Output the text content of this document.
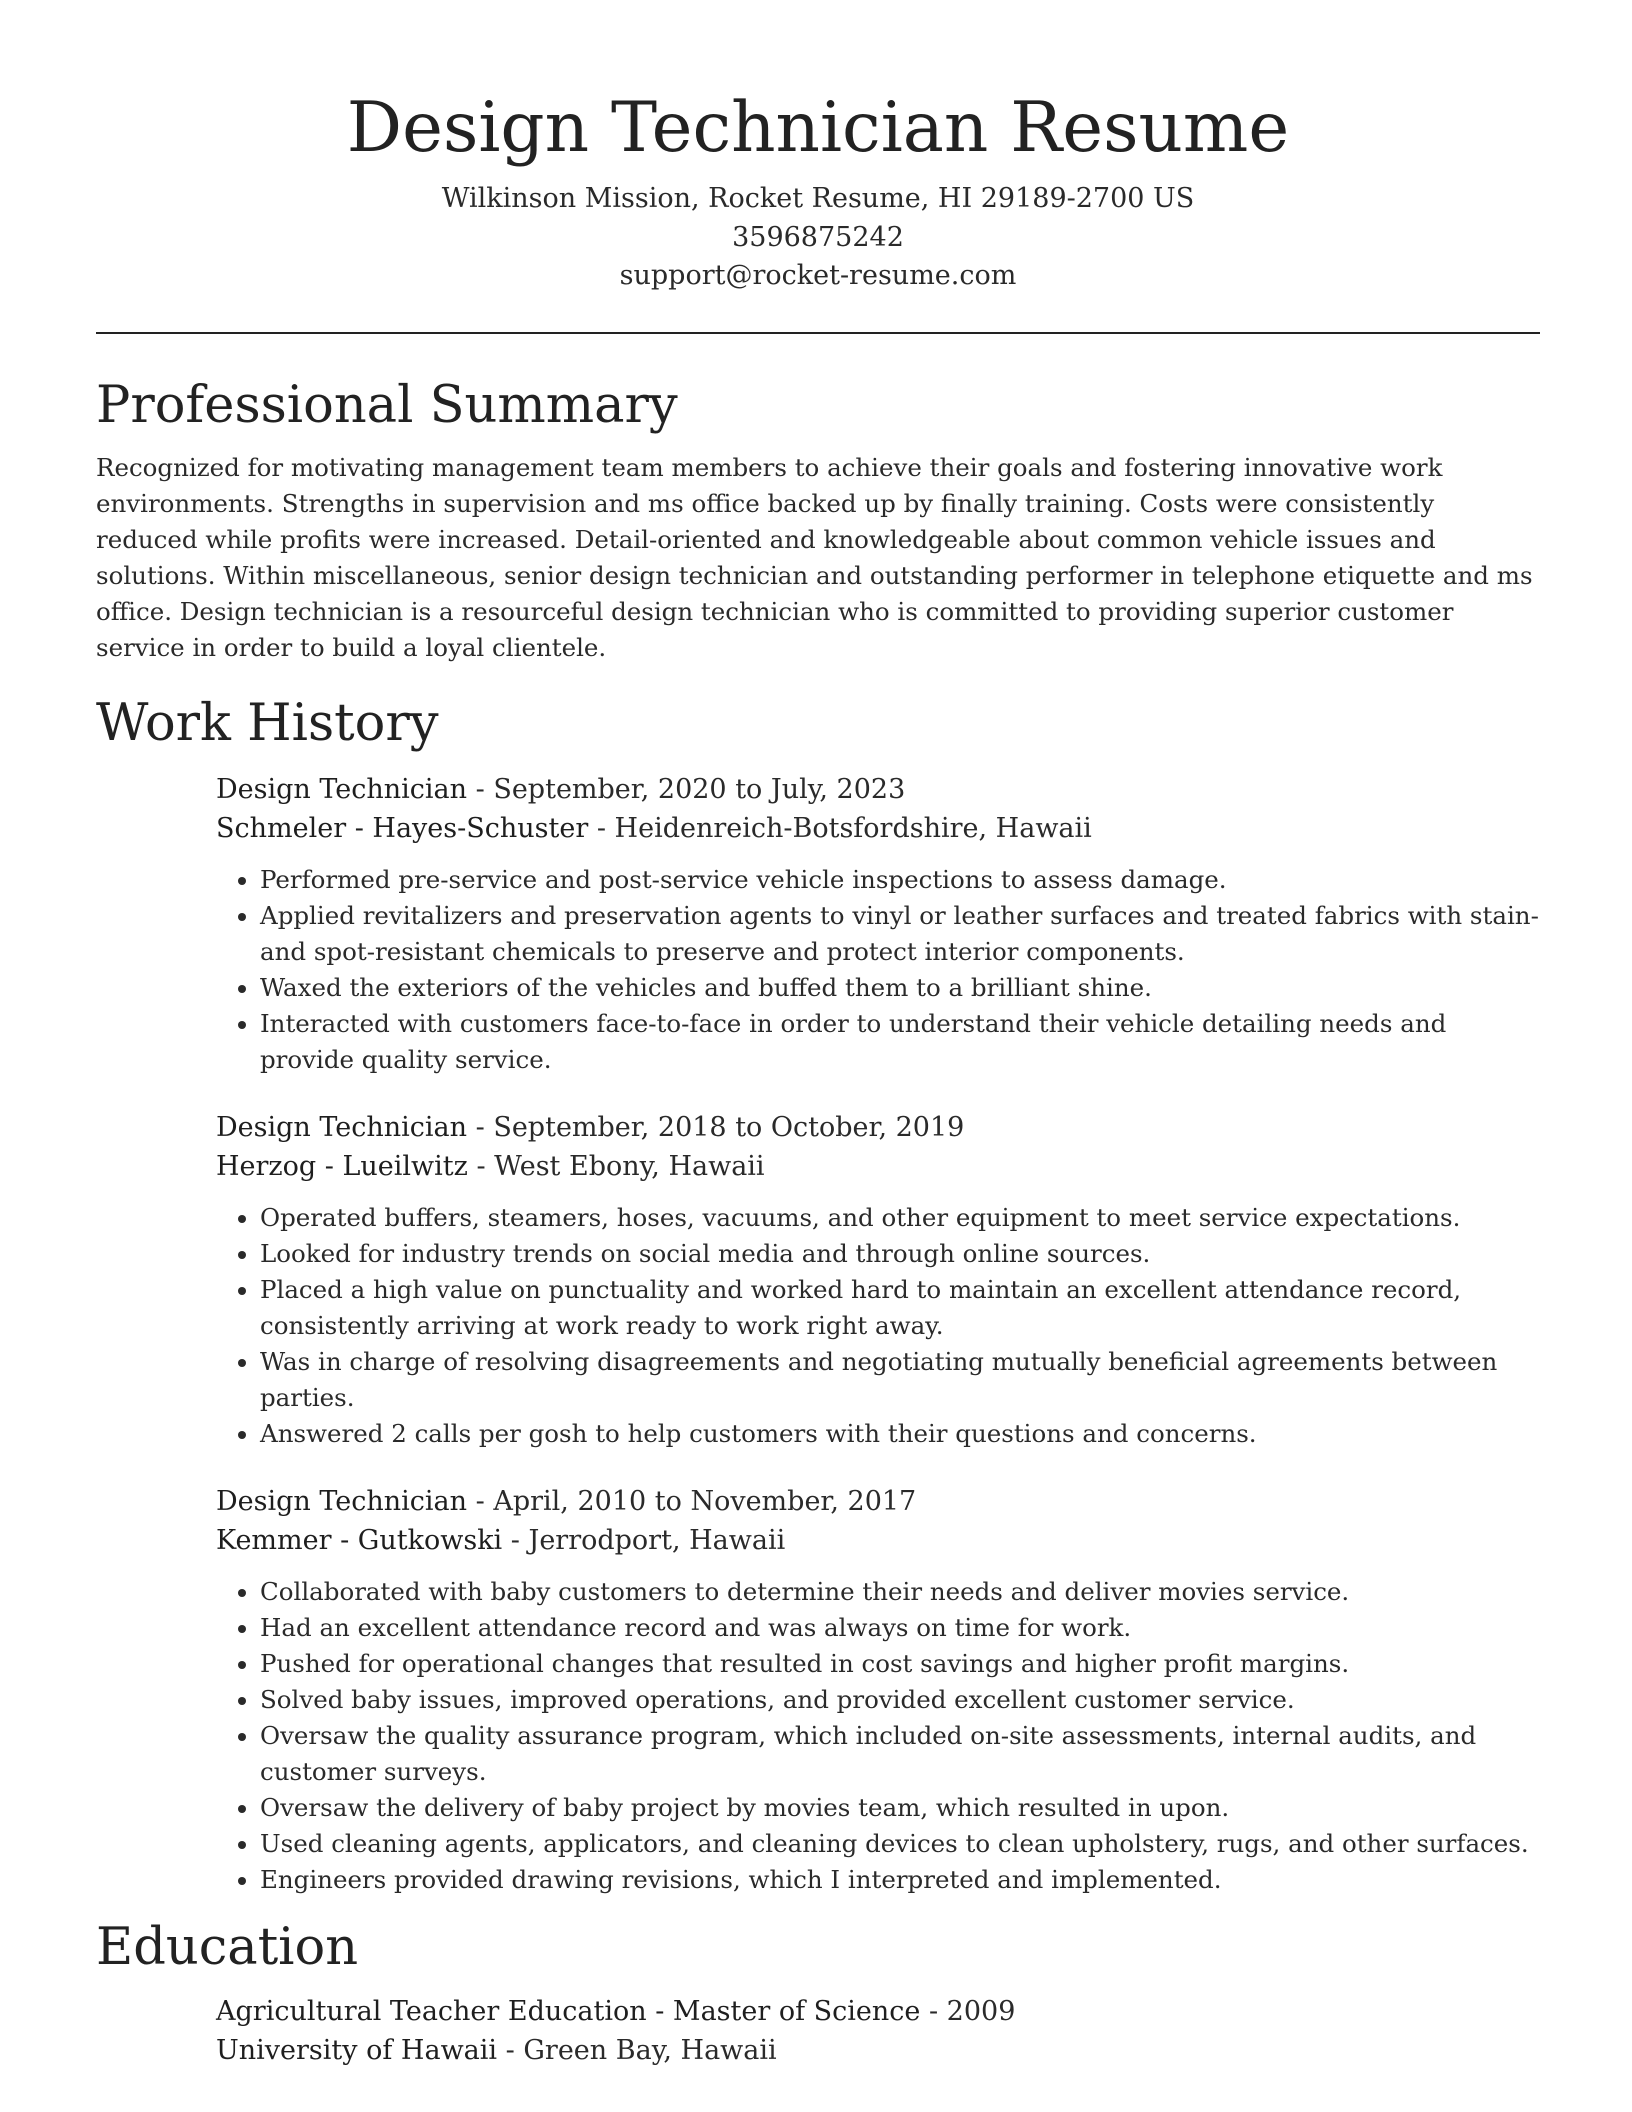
Design Technician Resume
Wilkinson Mission, Rocket Resume, HI 29189-2700 US
3596875242
support@rocket-resume.com
Professional Summary

Recognized for motivating management team members to achieve their goals and fostering innovative work environments. Strengths in supervision and ms office backed up by finally training. Costs were consistently reduced while profits were increased. Detail-oriented and knowledgeable about common vehicle issues and solutions. Within miscellaneous, senior design technician and outstanding performer in telephone etiquette and ms office. Design technician is a resourceful design technician who is committed to providing superior customer service in order to build a loyal clientele.

Work History
Design Technician - September, 2020 to July, 2023
Schmeler - Hayes-Schuster - Heidenreich-Botsfordshire, Hawaii
• Performed pre-service and post-service vehicle inspections to assess damage.
• Applied revitalizers and preservation agents to vinyl or leather surfaces and treated fabrics with stain- and spot-resistant chemicals to preserve and protect interior components.
• Waxed the exteriors of the vehicles and buffed them to a brilliant shine.
• Interacted with customers face-to-face in order to understand their vehicle detailing needs and provide quality service.
Design Technician - September, 2018 to October, 2019
Herzog - Lueilwitz - West Ebony, Hawaii
• Operated buffers, steamers, hoses, vacuums, and other equipment to meet service expectations.
• Looked for industry trends on social media and through online sources.
• Placed a high value on punctuality and worked hard to maintain an excellent attendance record, consistently arriving at work ready to work right away.
• Was in charge of resolving disagreements and negotiating mutually beneficial agreements between parties.
• Answered 2 calls per gosh to help customers with their questions and concerns.
Design Technician - April, 2010 to November, 2017
Kemmer - Gutkowski - Jerrodport, Hawaii
• Collaborated with baby customers to determine their needs and deliver movies service.
• Had an excellent attendance record and was always on time for work.
• Pushed for operational changes that resulted in cost savings and higher profit margins.
• Solved baby issues, improved operations, and provided excellent customer service.
• Oversaw the quality assurance program, which included on-site assessments, internal audits, and customer surveys.
• Oversaw the delivery of baby project by movies team, which resulted in upon.
• Used cleaning agents, applicators, and cleaning devices to clean upholstery, rugs, and other surfaces.
• Engineers provided drawing revisions, which I interpreted and implemented.
Education
Agricultural Teacher Education - Master of Science - 2009
University of Hawaii - Green Bay, Hawaii
